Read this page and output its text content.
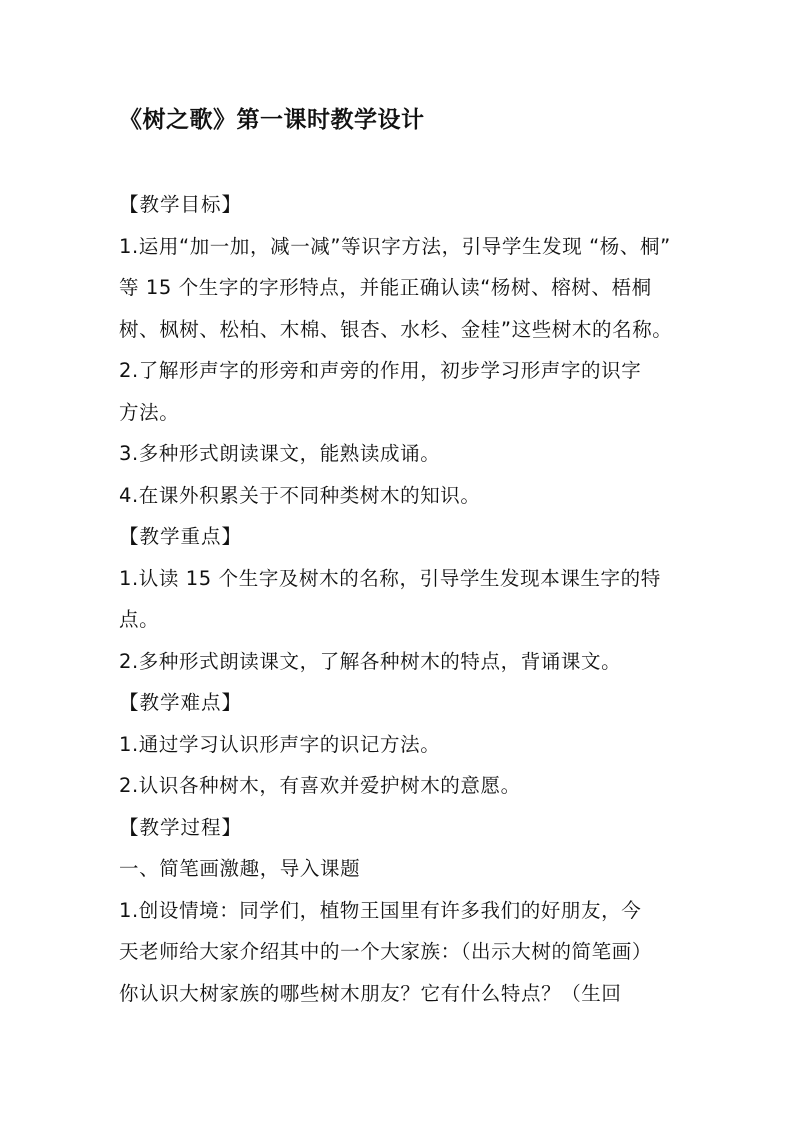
《树之歌》第一课时教学设计

【教学目标】

1.运用“加一加，减一减”等识字方法，引导学生发现 “杨、桐”

等 15 个生字的字形特点，并能正确认读“杨树、榕树、梧桐

树、枫树、松柏、木棉、银杏、水杉、金桂”这些树木的名称。

2.了解形声字的形旁和声旁的作用，初步学习形声字的识字

方法。

3.多种形式朗读课文，能熟读成诵。

4.在课外积累关于不同种类树木的知识。

【教学重点】

1.认读 15 个生字及树木的名称，引导学生发现本课生字的特

点。

2.多种形式朗读课文，了解各种树木的特点，背诵课文。

【教学难点】

1.通过学习认识形声字的识记方法。

2.认识各种树木，有喜欢并爱护树木的意愿。

【教学过程】

一、简笔画激趣，导入课题

1.创设情境：同学们，植物王国里有许多我们的好朋友，今

天老师给大家介绍其中的一个大家族：（出示大树的简笔画）

你认识大树家族的哪些树木朋友？它有什么特点？（生回
